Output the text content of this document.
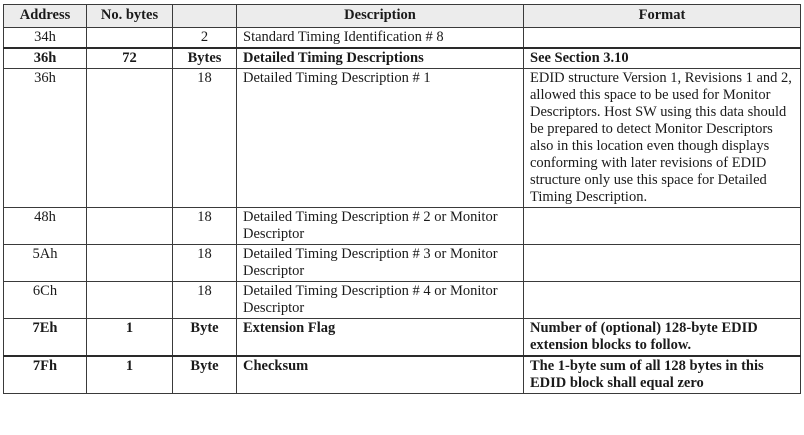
Address	No. bytes		Description	Format
34h		2	Standard Timing Identification # 8	
36h	72	Bytes	Detailed Timing Descriptions	See Section 3.10
36h		18	Detailed Timing Description # 1	EDID structure Version 1, Revisions 1 and 2, allowed this space to be used for Monitor Descriptors. Host SW using this data should be prepared to detect Monitor Descriptors also in this location even though displays conforming with later revisions of EDID structure only use this space for Detailed Timing Description.
48h		18	Detailed Timing Description # 2 or Monitor Descriptor	
5Ah		18	Detailed Timing Description # 3 or Monitor Descriptor	
6Ch		18	Detailed Timing Description # 4 or Monitor Descriptor	
7Eh	1	Byte	Extension Flag	Number of (optional) 128-byte EDID extension blocks to follow.
7Fh	1	Byte	Checksum	The 1-byte sum of all 128 bytes in this EDID block shall equal zero
